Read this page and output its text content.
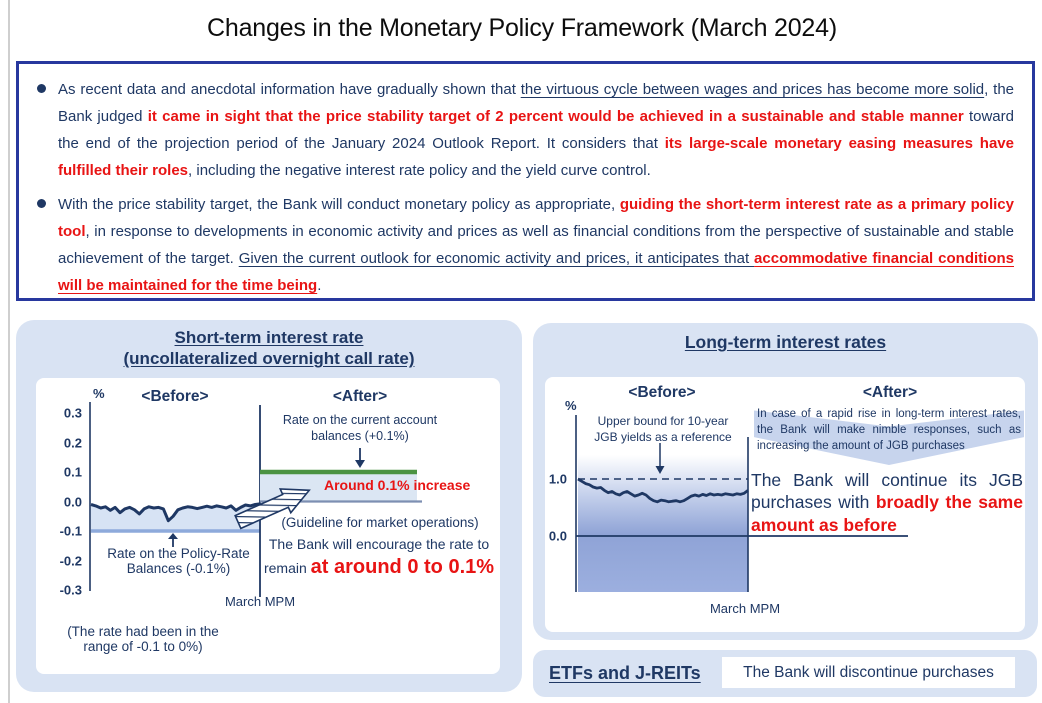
Changes in the Monetary Policy Framework (March 2024)

As recent data and anecdotal information have gradually shown that the virtuous cycle between wages and prices has become more solid, the Bank judged it came in sight that the price stability target of 2 percent would be achieved in a sustainable and stable manner toward the end of the projection period of the January 2024 Outlook Report. It considers that its large-scale monetary easing measures have fulfilled their roles, including the negative interest rate policy and the yield curve control.

With the price stability target, the Bank will conduct monetary policy as appropriate, guiding the short-term interest rate as a primary policy tool, in response to developments in economic activity and prices as well as financial conditions from the perspective of sustainable and stable achievement of the target. Given the current outlook for economic activity and prices, it anticipates that accommodative financial conditions will be maintained for the time being.

Short-term interest rate
(uncollateralized overnight call rate)
%	<Before>	<After>
0.3
0.2
0.1
0.0
-0.1
-0.2
-0.3
Rate on the current account balances (+0.1%)
Around 0.1% increase
(Guideline for market operations)
The Bank will encourage the rate to
remain at around 0 to 0.1%
Rate on the Policy-Rate Balances (-0.1%)
March MPM
(The rate had been in the range of -0.1 to 0%)
Long-term interest rates
%
<Before>	<After>
1.0
0.0
Upper bound for 10-year JGB yields as a reference
March MPM
In case of a rapid rise in long-term interest rates, the Bank will make nimble responses, such as increasing the amount of JGB purchases
The Bank will continue its JGB purchases with broadly the same amount as before
ETFs and J-REITs	The Bank will discontinue purchases
